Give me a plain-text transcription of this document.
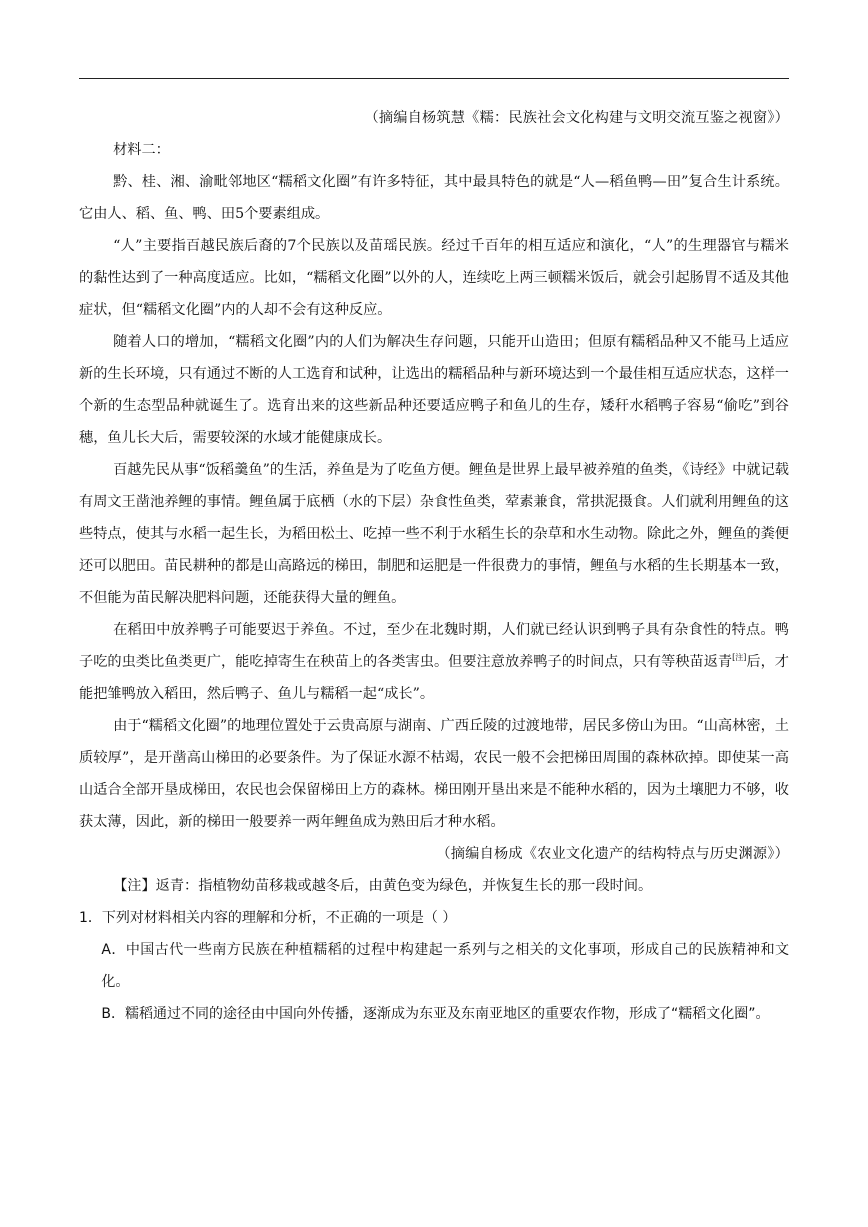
（摘编自杨筑慧《糯：民族社会文化构建与文明交流互鉴之视窗》）

材料二：

黔、桂、湘、渝毗邻地区“糯稻文化圈”有许多特征，其中最具特色的就是“人—稻鱼鸭—田”复合生计系统。它由人、稻、鱼、鸭、田5个要素组成。

“人”主要指百越民族后裔的7个民族以及苗瑶民族。经过千百年的相互适应和演化，“人”的生理器官与糯米的黏性达到了一种高度适应。比如，“糯稻文化圈”以外的人，连续吃上两三顿糯米饭后，就会引起肠胃不适及其他症状，但“糯稻文化圈”内的人却不会有这种反应。

随着人口的增加，“糯稻文化圈”内的人们为解决生存问题，只能开山造田；但原有糯稻品种又不能马上适应新的生长环境，只有通过不断的人工选育和试种，让选出的糯稻品种与新环境达到一个最佳相互适应状态，这样一个新的生态型品种就诞生了。选育出来的这些新品种还要适应鸭子和鱼儿的生存，矮秆水稻鸭子容易“偷吃”到谷穗，鱼儿长大后，需要较深的水域才能健康成长。

百越先民从事“饭稻羹鱼”的生活，养鱼是为了吃鱼方便。鲤鱼是世界上最早被养殖的鱼类，《诗经》中就记载有周文王凿池养鲤的事情。鲤鱼属于底栖（水的下层）杂食性鱼类，荤素兼食，常拱泥摄食。人们就利用鲤鱼的这些特点，使其与水稻一起生长，为稻田松土、吃掉一些不利于水稻生长的杂草和水生动物。除此之外，鲤鱼的粪便还可以肥田。苗民耕种的都是山高路远的梯田，制肥和运肥是一件很费力的事情，鲤鱼与水稻的生长期基本一致，不但能为苗民解决肥料问题，还能获得大量的鲤鱼。

在稻田中放养鸭子可能要迟于养鱼。不过，至少在北魏时期，人们就已经认识到鸭子具有杂食性的特点。鸭子吃的虫类比鱼类更广，能吃掉寄生在秧苗上的各类害虫。但要注意放养鸭子的时间点，只有等秧苗返青[注]后，才能把雏鸭放入稻田，然后鸭子、鱼儿与糯稻一起“成长”。

由于“糯稻文化圈”的地理位置处于云贵高原与湖南、广西丘陵的过渡地带，居民多傍山为田。“山高林密，土质较厚”，是开凿高山梯田的必要条件。为了保证水源不枯竭，农民一般不会把梯田周围的森林砍掉。即使某一高山适合全部开垦成梯田，农民也会保留梯田上方的森林。梯田刚开垦出来是不能种水稻的，因为土壤肥力不够，收获太薄，因此，新的梯田一般要养一两年鲤鱼成为熟田后才种水稻。

（摘编自杨成《农业文化遗产的结构特点与历史渊源》）

【注】返青：指植物幼苗移栽或越冬后，由黄色变为绿色，并恢复生长的那一段时间。

1．下列对材料相关内容的理解和分析，不正确的一项是（ ）

A．中国古代一些南方民族在种植糯稻的过程中构建起一系列与之相关的文化事项，形成自己的民族精神和文化。

B．糯稻通过不同的途径由中国向外传播，逐渐成为东亚及东南亚地区的重要农作物，形成了“糯稻文化圈”。
